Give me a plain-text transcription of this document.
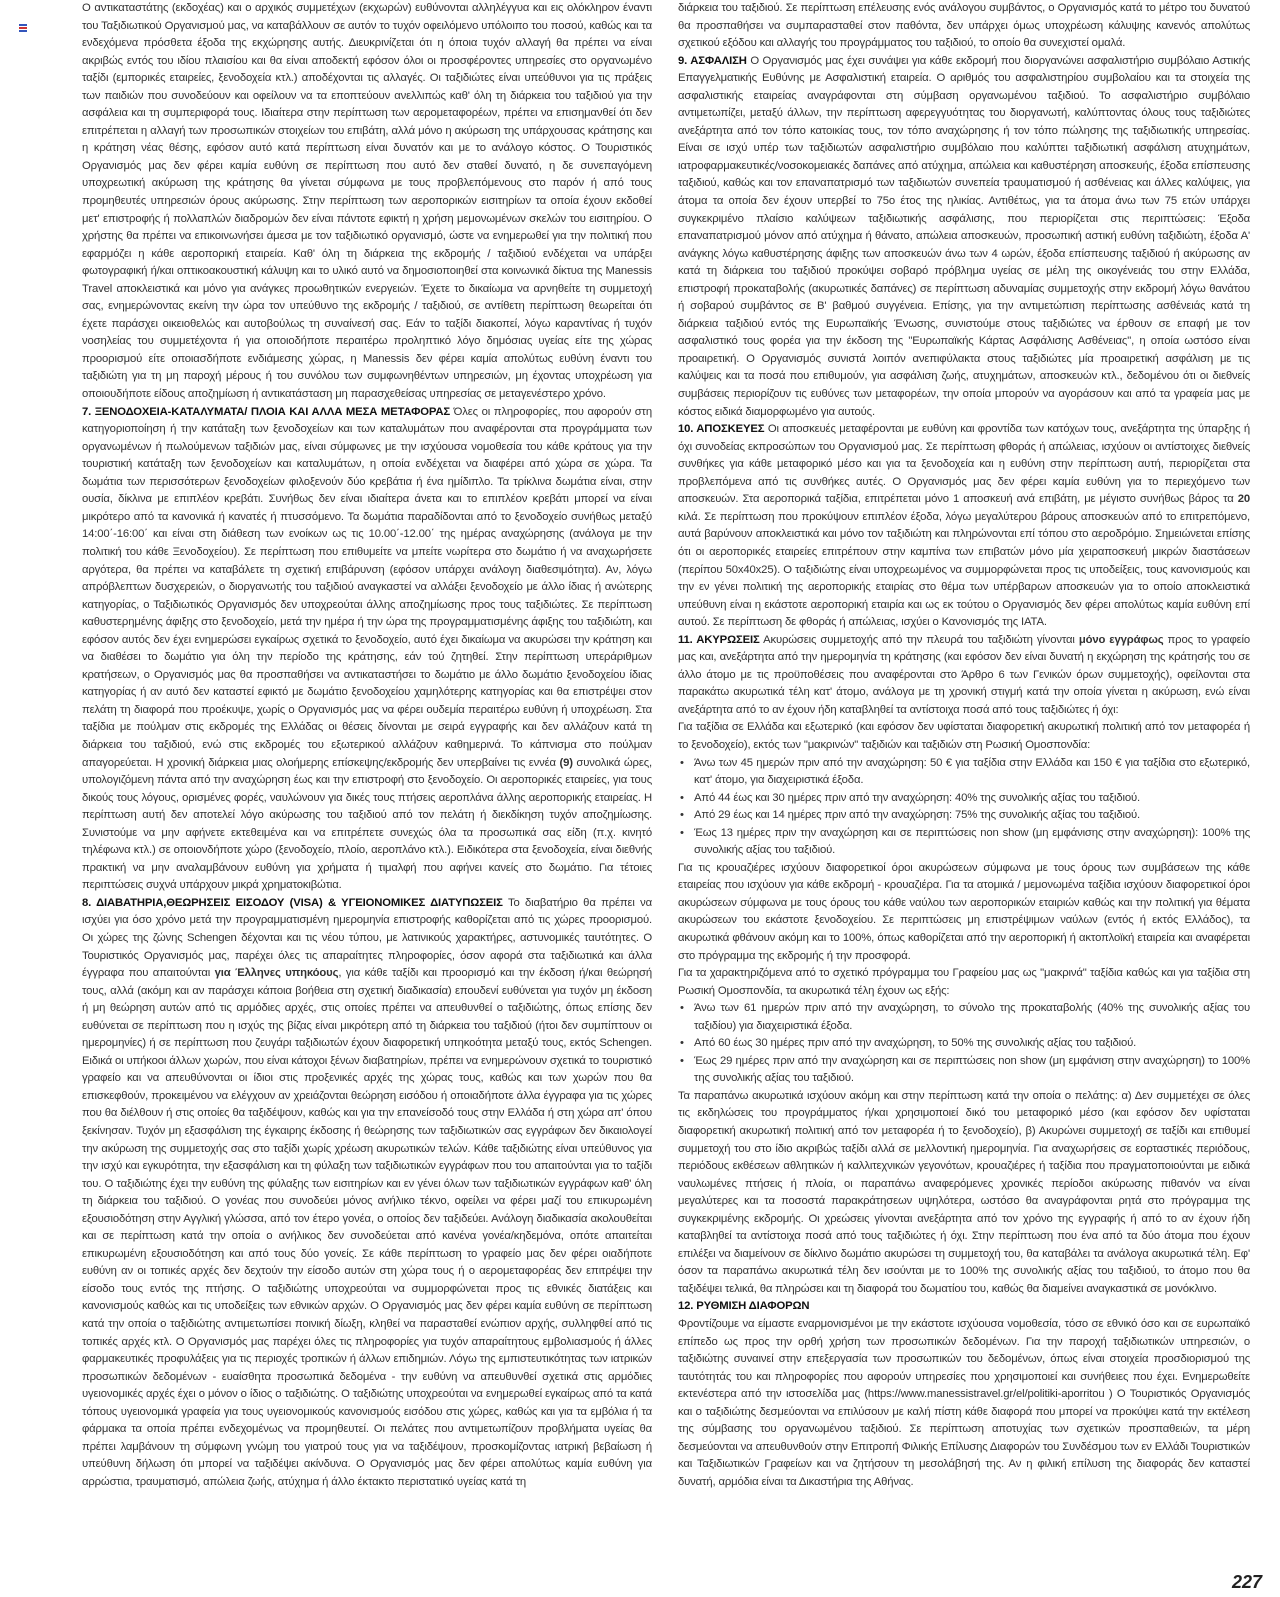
Ο αντικαταστάτης (εκδοχέας) και ο αρχικός συμμετέχων (εκχωρών) ευθύνονται αλληλέγγυα και εις ολόκληρον έναντι του Ταξιδιωτικού Οργανισμού μας, να καταβάλλουν σε αυτόν το τυχόν οφειλόμενο υπόλοιπο του ποσού, καθώς και τα ενδεχόμενα πρόσθετα έξοδα της εκχώρησης αυτής. Διευκρινίζεται ότι η όποια τυχόν αλλαγή θα πρέπει να είναι ακριβώς εντός του ιδίου πλαισίου και θα είναι αποδεκτή εφόσον όλοι οι προσφέροντες υπηρεσίες στο οργανωμένο ταξίδι (εμπορικές εταιρείες, ξενοδοχεία κτλ.) αποδέχονται τις αλλαγές. Οι ταξιδιώτες είναι υπεύθυνοι για τις πράξεις των παιδιών που συνοδεύουν και οφείλουν να τα εποπτεύουν ανελλιπώς καθ' όλη τη διάρκεια του ταξιδιού για την ασφάλεια και τη συμπεριφορά τους. Ιδιαίτερα στην περίπτωση των αερομεταφορέων, πρέπει να επισημανθεί ότι δεν επιτρέπεται η αλλαγή των προσωπικών στοιχείων του επιβάτη, αλλά μόνο η ακύρωση της υπάρχουσας κράτησης και η κράτηση νέας θέσης, εφόσον αυτό κατά περίπτωση είναι δυνατόν και με το ανάλογο κόστος. Ο Τουριστικός Οργανισμός μας δεν φέρει καμία ευθύνη σε περίπτωση που αυτό δεν σταθεί δυνατό, η δε συνεπαγόμενη υποχρεωτική ακύρωση της κράτησης θα γίνεται σύμφωνα με τους προβλεπόμενους στο παρόν ή από τους προμηθευτές υπηρεσιών όρους ακύρωσης. Στην περίπτωση των αεροπορικών εισιτηρίων τα οποία έχουν εκδοθεί μετ' επιστροφής ή πολλαπλών διαδρομών δεν είναι πάντοτε εφικτή η χρήση μεμονωμένων σκελών του εισιτηρίου. Ο χρήστης θα πρέπει να επικοινωνήσει άμεσα με τον ταξιδιωτικό οργανισμό, ώστε να ενημερωθεί για την πολιτική που εφαρμόζει η κάθε αεροπορική εταιρεία. Καθ' όλη τη διάρκεια της εκδρομής / ταξιδιού ενδέχεται να υπάρξει φωτογραφική ή/και οπτικοακουστική κάλυψη και το υλικό αυτό να δημοσιοποιηθεί στα κοινωνικά δίκτυα της Manessis Travel αποκλειστικά και μόνο για ανάγκες προωθητικών ενεργειών. Έχετε το δικαίωμα να αρνηθείτε τη συμμετοχή σας, ενημερώνοντας εκείνη την ώρα τον υπεύθυνο της εκδρομής / ταξιδιού, σε αντίθετη περίπτωση θεωρείται ότι έχετε παράσχει οικειοθελώς και αυτοβούλως τη συναίνεσή σας. Εάν το ταξίδι διακοπεί, λόγω καραντίνας ή τυχόν νοσηλείας του συμμετέχοντα ή για οποιοδήποτε περαιτέρω προληπτικό λόγο δημόσιας υγείας είτε της χώρας προορισμού είτε οποιασδήποτε ενδιάμεσης χώρας, η Manessis δεν φέρει καμία απολύτως ευθύνη έναντι του ταξιδιώτη για τη μη παροχή μέρους ή του συνόλου των συμφωνηθέντων υπηρεσιών, μη έχοντας υποχρέωση για οποιουδήποτε είδους αποζημίωση ή αντικατάσταση μη παρασχεθείσας υπηρεσίας σε μεταγενέστερο χρόνο.

7. ΞΕΝΟΔΟΧΕΙΑ-ΚΑΤΑΛΥΜΑΤΑ/ ΠΛΟΙΑ ΚΑΙ ΑΛΛΑ ΜΕΣΑ ΜΕΤΑΦΟΡΑΣ Όλες οι πληροφορίες, που αφορούν στη κατηγοριοποίηση ή την κατάταξη των ξενοδοχείων και των καταλυμάτων που αναφέρονται στα προγράμματα των οργανωμένων ή πωλούμενων ταξιδιών μας, είναι σύμφωνες με την ισχύουσα νομοθεσία του κάθε κράτους για την τουριστική κατάταξη των ξενοδοχείων και καταλυμάτων, η οποία ενδέχεται να διαφέρει από χώρα σε χώρα. Τα δωμάτια των περισσότερων ξενοδοχείων φιλοξενούν δύο κρεβάτια ή ένα ημίδιπλο. Τα τρίκλινα δωμάτια είναι, στην ουσία, δίκλινα με επιπλέον κρεβάτι. Συνήθως δεν είναι ιδιαίτερα άνετα και το επιπλέον κρεβάτι μπορεί να είναι μικρότερο από τα κανονικά ή κανατές ή πτυσσόμενο. Τα δωμάτια παραδίδονται από το ξενοδοχείο συνήθως μεταξύ 14:00΄-16:00΄ και είναι στη διάθεση των ενοίκων ως τις 10.00΄-12.00΄ της ημέρας αναχώρησης (ανάλογα με την πολιτική του κάθε Ξενοδοχείου). Σε περίπτωση που επιθυμείτε να μπείτε νωρίτερα στο δωμάτιο ή να αναχωρήσετε αργότερα, θα πρέπει να καταβάλετε τη σχετική επιβάρυνση (εφόσον υπάρχει ανάλογη διαθεσιμότητα). Αν, λόγω απρόβλεπτων δυσχερειών, ο διοργανωτής του ταξιδιού αναγκαστεί να αλλάξει ξενοδοχείο με άλλο ίδιας ή ανώτερης κατηγορίας, ο Ταξιδιωτικός Οργανισμός δεν υποχρεούται άλλης αποζημίωσης προς τους ταξιδιώτες. Σε περίπτωση καθυστερημένης άφιξης στο ξενοδοχείο, μετά την ημέρα ή την ώρα της προγραμματισμένης άφιξης του ταξιδιώτη, και εφόσον αυτός δεν έχει ενημερώσει εγκαίρως σχετικά το ξενοδοχείο, αυτό έχει δικαίωμα να ακυρώσει την κράτηση και να διαθέσει το δωμάτιο για όλη την περίοδο της κράτησης, εάν τού ζητηθεί. Στην περίπτωση υπεράριθμων κρατήσεων, ο Οργανισμός μας θα προσπαθήσει να αντικαταστήσει το δωμάτιο με άλλο δωμάτιο ξενοδοχείου ίδιας κατηγορίας ή αν αυτό δεν καταστεί εφικτό με δωμάτιο ξενοδοχείου χαμηλότερης κατηγορίας και θα επιστρέψει στον πελάτη τη διαφορά που προέκυψε, χωρίς ο Οργανισμός μας να φέρει ουδεμία περαιτέρω ευθύνη ή υποχρέωση. Στα ταξίδια με πούλμαν στις εκδρομές της Ελλάδας οι θέσεις δίνονται με σειρά εγγραφής και δεν αλλάζουν κατά τη διάρκεια του ταξιδιού, ενώ στις εκδρομές του εξωτερικού αλλάζουν καθημερινά. Το κάπνισμα στο πούλμαν απαγορεύεται. Η χρονική διάρκεια μιας ολοήμερης επίσκεψης/εκδρομής δεν υπερβαίνει τις εννέα (9) συνολικά ώρες, υπολογιζόμενη πάντα από την αναχώρηση έως και την επιστροφή στο ξενοδοχείο. Οι αεροπορικές εταιρείες, για τους δικούς τους λόγους, ορισμένες φορές, ναυλώνουν για δικές τους πτήσεις αεροπλάνα άλλης αεροπορικής εταιρείας. Η περίπτωση αυτή δεν αποτελεί λόγο ακύρωσης του ταξιδιού από τον πελάτη ή διεκδίκηση τυχόν αποζημίωσης. Συνιστούμε να μην αφήνετε εκτεθειμένα και να επιτρέπετε συνεχώς όλα τα προσωπικά σας είδη (π.χ. κινητό τηλέφωνα κτλ.) σε οποιονδήποτε χώρο (ξενοδοχείο, πλοίο, αεροπλάνο κτλ.). Ειδικότερα στα ξενοδοχεία, είναι διεθνής πρακτική να μην αναλαμβάνουν ευθύνη για χρήματα ή τιμαλφή που αφήνει κανείς στο δωμάτιο. Για τέτοιες περιπτώσεις συχνά υπάρχουν μικρά χρηματοκιβώτια.

8. ΔΙΑΒΑΤΗΡΙΑ,ΘΕΩΡΗΣΕΙΣ ΕΙΣΟΔΟΥ (VISA) & ΥΓΕΙΟΝΟΜΙΚΕΣ ΔΙΑΤΥΠΩΣΕΙΣ Το διαβατήριο θα πρέπει να ισχύει για όσο χρόνο μετά την προγραμματισμένη ημερομηνία επιστροφής καθορίζεται από τις χώρες προορισμού. Οι χώρες της ζώνης Schengen δέχονται και τις νέου τύπου, με λατινικούς χαρακτήρες, αστυνομικές ταυτότητες. Ο Τουριστικός Οργανισμός μας, παρέχει όλες τις απαραίτητες πληροφορίες, όσον αφορά στα ταξιδιωτικά και άλλα έγγραφα που απαιτούνται για Έλληνες υπηκόους, για κάθε ταξίδι και προορισμό και την έκδοση ή/και θεώρησή τους, αλλά (ακόμη και αν παράσχει κάποια βοήθεια στη σχετική διαδικασία) επουδενί ευθύνεται για τυχόν μη έκδοση ή μη θεώρηση αυτών από τις αρμόδιες αρχές, στις οποίες πρέπει να απευθυνθεί ο ταξιδιώτης, όπως επίσης δεν ευθύνεται σε περίπτωση που η ισχύς της βίζας είναι μικρότερη από τη διάρκεια του ταξιδιού (ήτοι δεν συμπίπτουν οι ημερομηνίες) ή σε περίπτωση που ζευγάρι ταξιδιωτών έχουν διαφορετική υπηκοότητα μεταξύ τους, εκτός Schengen. Ειδικά οι υπήκοοι άλλων χωρών, που είναι κάτοχοι ξένων διαβατηρίων, πρέπει να ενημερώνουν σχετικά το τουριστικό γραφείο και να απευθύνονται οι ίδιοι στις προξενικές αρχές της χώρας τους, καθώς και των χωρών που θα επισκεφθούν, προκειμένου να ελέγχουν αν χρειάζονται θεώρηση εισόδου ή οποιαδήποτε άλλα έγγραφα για τις χώρες που θα διέλθουν ή στις οποίες θα ταξιδέψουν, καθώς και για την επανείσοδό τους στην Ελλάδα ή στη χώρα απ' όπου ξεκίνησαν. Τυχόν μη εξασφάλιση της έγκαιρης έκδοσης ή θεώρησης των ταξιδιωτικών σας εγγράφων δεν δικαιολογεί την ακύρωση της συμμετοχής σας στο ταξίδι χωρίς χρέωση ακυρωτικών τελών. Κάθε ταξιδιώτης είναι υπεύθυνος για την ισχύ και εγκυρότητα, την εξασφάλιση και τη φύλαξη των ταξιδιωτικών εγγράφων που του απαιτούνται για το ταξίδι του. Ο ταξιδιώτης έχει την ευθύνη της φύλαξης των εισιτηρίων και εν γένει όλων των ταξιδιωτικών εγγράφων καθ' όλη τη διάρκεια του ταξιδιού. Ο γονέας που συνοδεύει μόνος ανήλικο τέκνο, οφείλει να φέρει μαζί του επικυρωμένη εξουσιοδότηση στην Αγγλική γλώσσα, από τον έτερο γονέα, ο οποίος δεν ταξιδεύει. Ανάλογη διαδικασία ακολουθείται και σε περίπτωση κατά την οποία ο ανήλικος δεν συνοδεύεται από κανένα γονέα/κηδεμόνα, οπότε απαιτείται επικυρωμένη εξουσιοδότηση και από τους δύο γονείς. Σε κάθε περίπτωση το γραφείο μας δεν φέρει οιαδήποτε ευθύνη αν οι τοπικές αρχές δεν δεχτούν την είσοδο αυτών στη χώρα τους ή ο αερομεταφορέας δεν επιτρέψει την είσοδο τους εντός της πτήσης. Ο ταξιδιώτης υποχρεούται να συμμορφώνεται προς τις εθνικές διατάξεις και κανονισμούς καθώς και τις υποδείξεις των εθνικών αρχών. Ο Οργανισμός μας δεν φέρει καμία ευθύνη σε περίπτωση κατά την οποία ο ταξιδιώτης αντιμετωπίσει ποινική δίωξη, κληθεί να παρασταθεί ενώπιον αρχής, συλληφθεί από τις τοπικές αρχές κτλ. Ο Οργανισμός μας παρέχει όλες τις πληροφορίες για τυχόν απαραίτητους εμβολιασμούς ή άλλες φαρμακευτικές προφυλάξεις για τις περιοχές τροπικών ή άλλων επιδημιών. Λόγω της εμπιστευτικότητας των ιατρικών προσωπικών δεδομένων - ευαίσθητα προσωπικά δεδομένα - την ευθύνη να απευθυνθεί σχετικά στις αρμόδιες υγειονομικές αρχές έχει ο μόνον ο ίδιος ο ταξιδιώτης. Ο ταξιδιώτης υποχρεούται να ενημερωθεί εγκαίρως από τα κατά τόπους υγειονομικά γραφεία για τους υγειονομικούς κανονισμούς εισόδου στις χώρες, καθώς και για τα εμβόλια ή τα φάρμακα τα οποία πρέπει ενδεχομένως να προμηθευτεί. Οι πελάτες που αντιμετωπίζουν προβλήματα υγείας θα πρέπει λαμβάνουν τη σύμφωνη γνώμη του γιατρού τους για να ταξιδέψουν, προσκομίζοντας ιατρική βεβαίωση ή υπεύθυνη δήλωση ότι μπορεί να ταξιδέψει ακίνδυνα. Ο Οργανισμός μας δεν φέρει απολύτως καμία ευθύνη για αρρώστια, τραυματισμό, απώλεια ζωής, ατύχημα ή άλλο έκτακτο περιστατικό υγείας κατά τη

διάρκεια του ταξιδιού. Σε περίπτωση επέλευσης ενός ανάλογου συμβάντος, ο Οργανισμός κατά το μέτρο του δυνατού θα προσπαθήσει να συμπαρασταθεί στον παθόντα, δεν υπάρχει όμως υποχρέωση κάλυψης κανενός απολύτως σχετικού εξόδου και αλλαγής του προγράμματος του ταξιδιού, το οποίο θα συνεχιστεί ομαλά.

9. ΑΣΦΑΛΙΣΗ Ο Οργανισμός μας έχει συνάψει για κάθε εκδρομή που διοργανώνει ασφαλιστήριο συμβόλαιο Αστικής Επαγγελματικής Ευθύνης με Ασφαλιστική εταιρεία. Ο αριθμός του ασφαλιστηρίου συμβολαίου και τα στοιχεία της ασφαλιστικής εταιρείας αναγράφονται στη σύμβαση οργανωμένου ταξιδιού. Το ασφαλιστήριο συμβόλαιο αντιμετωπίζει, μεταξύ άλλων, την περίπτωση αφερεγγυότητας του διοργανωτή, καλύπτοντας όλους τους ταξιδιώτες ανεξάρτητα από τον τόπο κατοικίας τους, τον τόπο αναχώρησης ή τον τόπο πώλησης της ταξιδιωτικής υπηρεσίας. Είναι σε ισχύ υπέρ των ταξιδιωτών ασφαλιστήριο συμβόλαιο που καλύπτει ταξιδιωτική ασφάλιση ατυχημάτων, ιατροφαρμακευτικές/νοσοκομειακές δαπάνες από ατύχημα, απώλεια και καθυστέρηση αποσκευής, έξοδα επίσπευσης ταξιδιού, καθώς και τον επαναπατρισμό των ταξιδιωτών συνεπεία τραυματισμού ή ασθένειας και άλλες καλύψεις, για άτομα τα οποία δεν έχουν υπερβεί το 75ο έτος της ηλικίας. Αντιθέτως, για τα άτομα άνω των 75 ετών υπάρχει συγκεκριμένο πλαίσιο καλύψεων ταξιδιωτικής ασφάλισης, που περιορίζεται στις περιπτώσεις: Έξοδα επαναπατρισμού μόνον από ατύχημα ή θάνατο, απώλεια αποσκευών, προσωπική αστική ευθύνη ταξιδιώτη, έξοδα Α' ανάγκης λόγω καθυστέρησης άφιξης των αποσκευών άνω των 4 ωρών, έξοδα επίσπευσης ταξιδιού ή ακύρωσης αν κατά τη διάρκεια του ταξιδιού προκύψει σοβαρό πρόβλημα υγείας σε μέλη της οικογένειάς του στην Ελλάδα, επιστροφή προκαταβολής (ακυρωτικές δαπάνες) σε περίπτωση αδυναμίας συμμετοχής στην εκδρομή λόγω θανάτου ή σοβαρού συμβάντος σε Β' βαθμού συγγένεια. Επίσης, για την αντιμετώπιση περίπτωσης ασθένειάς κατά τη διάρκεια ταξιδιού εντός της Ευρωπαϊκής Ένωσης, συνιστούμε στους ταξιδιώτες να έρθουν σε επαφή με τον ασφαλιστικό τους φορέα για την έκδοση της "Ευρωπαϊκής Κάρτας Ασφάλισης Ασθένειας", η οποία ωστόσο είναι προαιρετική. Ο Οργανισμός συνιστά λοιπόν ανεπιφύλακτα στους ταξιδιώτες μία προαιρετική ασφάλιση με τις καλύψεις και τα ποσά που επιθυμούν, για ασφάλιση ζωής, ατυχημάτων, αποσκευών κτλ., δεδομένου ότι οι διεθνείς συμβάσεις περιορίζουν τις ευθύνες των μεταφορέων, την οποία μπορούν να αγοράσουν και από τα γραφεία μας με κόστος ειδικά διαμορφωμένο για αυτούς.

10. ΑΠΟΣΚΕΥΕΣ Οι αποσκευές μεταφέρονται με ευθύνη και φροντίδα των κατόχων τους, ανεξάρτητα της ύπαρξης ή όχι συνοδείας εκπροσώπων του Οργανισμού μας. Σε περίπτωση φθοράς ή απώλειας, ισχύουν οι αντίστοιχες διεθνείς συνθήκες για κάθε μεταφορικό μέσο και για τα ξενοδοχεία και η ευθύνη στην περίπτωση αυτή, περιορίζεται στα προβλεπόμενα από τις συνθήκες αυτές. Ο Οργανισμός μας δεν φέρει καμία ευθύνη για το περιεχόμενο των αποσκευών. Στα αεροπορικά ταξίδια, επιτρέπεται μόνο 1 αποσκευή ανά επιβάτη, με μέγιστο συνήθως βάρος τα 20 κιλά. Σε περίπτωση που προκύψουν επιπλέον έξοδα, λόγω μεγαλύτερου βάρους αποσκευών από το επιτρεπόμενο, αυτά βαρύνουν αποκλειστικά και μόνο τον ταξιδιώτη και πληρώνονται επί τόπου στο αεροδρόμιο. Σημειώνεται επίσης ότι οι αεροπορικές εταιρείες επιτρέπουν στην καμπίνα των επιβατών μόνο μία χειραποσκευή μικρών διαστάσεων (περίπου 50x40x25). Ο ταξιδιώτης είναι υποχρεωμένος να συμμορφώνεται προς τις υποδείξεις, τους κανονισμούς και την εν γένει πολιτική της αεροπορικής εταιρίας στο θέμα των υπέρβαρων αποσκευών για το οποίο αποκλειστικά υπεύθυνη είναι η εκάστοτε αεροπορική εταιρία και ως εκ τούτου ο Οργανισμός δεν φέρει απολύτως καμία ευθύνη επί αυτού. Σε περίπτωση δε φθοράς ή απώλειας, ισχύει ο Κανονισμός της IATA.

11. ΑΚΥΡΩΣΕΙΣ Ακυρώσεις συμμετοχής από την πλευρά του ταξιδιώτη γίνονται μόνο εγγράφως προς το γραφείο μας και, ανεξάρτητα από την ημερομηνία τη κράτησης (και εφόσον δεν είναι δυνατή η εκχώρηση της κράτησής του σε άλλο άτομο με τις προϋποθέσεις που αναφέρονται στο Άρθρο 6 των Γενικών όρων συμμετοχής), οφείλονται στα παρακάτω ακυρωτικά τέλη κατ' άτομο, ανάλογα με τη χρονική στιγμή κατά την οποία γίνεται η ακύρωση, ενώ είναι ανεξάρτητα από το αν έχουν ήδη καταβληθεί τα αντίστοιχα ποσά από τους ταξιδιώτες ή όχι:

Για ταξίδια σε Ελλάδα και εξωτερικό (και εφόσον δεν υφίσταται διαφορετική ακυρωτική πολιτική από τον μεταφορέα ή το ξενοδοχείο), εκτός των "μακρινών" ταξιδιών και ταξιδιών στη Ρωσική Ομοσπονδία:

• Άνω των 45 ημερών πριν από την αναχώρηση: 50 € για ταξίδια στην Ελλάδα και 150 € για ταξίδια στο εξωτερικό, κατ' άτομο, για διαχειριστικά έξοδα.
• Από 44 έως και 30 ημέρες πριν από την αναχώρηση: 40% της συνολικής αξίας του ταξιδιού.
• Από 29 έως και 14 ημέρες πριν από την αναχώρηση: 75% της συνολικής αξίας του ταξιδιού.
• Έως 13 ημέρες πριν την αναχώρηση και σε περιπτώσεις non show (μη εμφάνισης στην αναχώρηση): 100% της συνολικής αξίας του ταξιδιού.

Για τις κρουαζιέρες ισχύουν διαφορετικοί όροι ακυρώσεων σύμφωνα με τους όρους των συμβάσεων της κάθε εταιρείας που ισχύουν για κάθε εκδρομή - κρουαζιέρα. Για τα ατομικά / μεμονωμένα ταξίδια ισχύουν διαφορετικοί όροι ακυρώσεων σύμφωνα με τους όρους του κάθε ναύλου των αεροπορικών εταιριών καθώς και την πολιτική για θέματα ακυρώσεων του εκάστοτε ξενοδοχείου. Σε περιπτώσεις μη επιστρέψιμων ναύλων (εντός ή εκτός Ελλάδος), τα ακυρωτικά φθάνουν ακόμη και το 100%, όπως καθορίζεται από την αεροπορική ή ακτοπλοϊκή εταιρεία και αναφέρεται στο πρόγραμμα της εκδρομής ή την προσφορά.

Για τα χαρακτηριζόμενα από το σχετικό πρόγραμμα του Γραφείου μας ως "μακρινά" ταξίδια καθώς και για ταξίδια στη Ρωσική Ομοσπονδία, τα ακυρωτικά τέλη έχουν ως εξής:

• Άνω των 61 ημερών πριν από την αναχώρηση, το σύνολο της προκαταβολής (40% της συνολικής αξίας του ταξιδίου) για διαχειριστικά έξοδα.
• Από 60 έως 30 ημέρες πριν από την αναχώρηση, το 50% της συνολικής αξίας του ταξιδιού.
• Έως 29 ημέρες πριν από την αναχώρηση και σε περιπτώσεις non show (μη εμφάνιση στην αναχώρηση) το 100% της συνολικής αξίας του ταξιδιού.

Τα παραπάνω ακυρωτικά ισχύουν ακόμη και στην περίπτωση κατά την οποία ο πελάτης: α) Δεν συμμετέχει σε όλες τις εκδηλώσεις του προγράμματος ή/και χρησιμοποιεί δικό του μεταφορικό μέσο (και εφόσον δεν υφίσταται διαφορετική ακυρωτική πολιτική από τον μεταφορέα ή το ξενοδοχείο), β) Ακυρώνει συμμετοχή σε ταξίδι και επιθυμεί συμμετοχή του στο ίδιο ακριβώς ταξίδι αλλά σε μελλοντική ημερομηνία. Για αναχωρήσεις σε εορταστικές περιόδους, περιόδους εκθέσεων αθλητικών ή καλλιτεχνικών γεγονότων, κρουαζιέρες ή ταξίδια που πραγματοποιούνται με ειδικά ναυλωμένες πτήσεις ή πλοία, οι παραπάνω αναφερόμενες χρονικές περίοδοι ακύρωσης πιθανόν να είναι μεγαλύτερες και τα ποσοστά παρακράτησεων υψηλότερα, ωστόσο θα αναγράφονται ρητά στο πρόγραμμα της συγκεκριμένης εκδρομής. Οι χρεώσεις γίνονται ανεξάρτητα από τον χρόνο της εγγραφής ή από το αν έχουν ήδη καταβληθεί τα αντίστοιχα ποσά από τους ταξιδιώτες ή όχι. Στην περίπτωση που ένα από τα δύο άτομα που έχουν επιλέξει να διαμείνουν σε δίκλινο δωμάτιο ακυρώσει τη συμμετοχή του, θα καταβάλει τα ανάλογα ακυρωτικά τέλη. Εφ' όσον τα παραπάνω ακυρωτικά τέλη δεν ισούνται με το 100% της συνολικής αξίας του ταξιδιού, το άτομο που θα ταξιδέψει τελικά, θα πληρώσει και τη διαφορά του δωματίου του, καθώς θα διαμείνει αναγκαστικά σε μονόκλινο.

12. ΡΥΘΜΙΣΗ ΔΙΑΦΟΡΩΝ

Φροντίζουμε να είμαστε εναρμονισμένοι με την εκάστοτε ισχύουσα νομοθεσία, τόσο σε εθνικό όσο και σε ευρωπαϊκό επίπεδο ως προς την ορθή χρήση των προσωπικών δεδομένων. Για την παροχή ταξιδιωτικών υπηρεσιών, ο ταξιδιώτης συναινεί στην επεξεργασία των προσωπικών του δεδομένων, όπως είναι στοιχεία προσδιορισμού της ταυτότητάς του και πληροφορίες που αφορούν υπηρεσίες που χρησιμοποιεί και συνήθειες που έχει. Ενημερωθείτε εκτενέστερα από την ιστοσελίδα μας (https://www.manessistravel.gr/el/politiki-aporritou ) Ο Τουριστικός Οργανισμός και ο ταξιδιώτης δεσμεύονται να επιλύσουν με καλή πίστη κάθε διαφορά που μπορεί να προκύψει κατά την εκτέλεση της σύμβασης του οργανωμένου ταξιδιού. Σε περίπτωση αποτυχίας των σχετικών προσπαθειών, τα μέρη δεσμεύονται να απευθυνθούν στην Επιτροπή Φιλικής Επίλυσης Διαφορών του Συνδέσμου των εν Ελλάδι Τουριστικών και Ταξιδιωτικών Γραφείων και να ζητήσουν τη μεσολάβησή της. Αν η φιλική επίλυση της διαφοράς δεν καταστεί δυνατή, αρμόδια είναι τα Δικαστήρια της Αθήνας.

227
